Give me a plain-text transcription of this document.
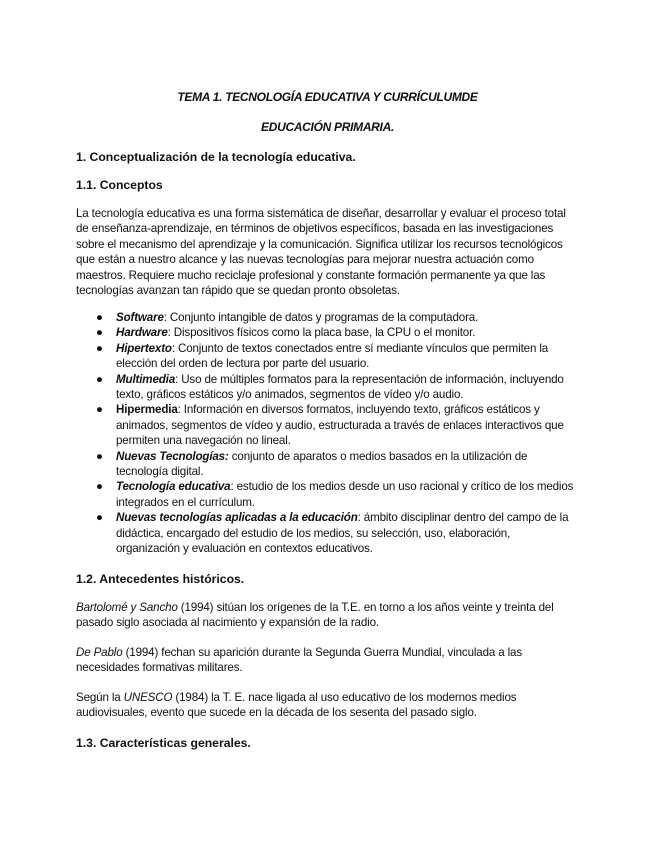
TEMA 1. TECNOLOGÍA EDUCATIVA Y CURRÍCULUMDE
EDUCACIÓN PRIMARIA.
1. Conceptualización de la tecnología educativa.
1.1. Conceptos
La tecnología educativa es una forma sistemática de diseñar, desarrollar y evaluar el proceso total de enseñanza-aprendizaje, en términos de objetivos específicos, basada en las investigaciones sobre el mecanismo del aprendizaje y la comunicación. Significa utilizar los recursos tecnológicos que están a nuestro alcance y las nuevas tecnologías para mejorar nuestra actuación como maestros. Requiere mucho reciclaje profesional y constante formación permanente ya que las tecnologías avanzan tan rápido que se quedan pronto obsoletas.
● Software: Conjunto intangible de datos y programas de la computadora.
● Hardware: Dispositivos físicos como la placa base, la CPU o el monitor.
● Hipertexto: Conjunto de textos conectados entre sí mediante vínculos que permiten la elección del orden de lectura por parte del usuario.
● Multimedia: Uso de múltiples formatos para la representación de información, incluyendo texto, gráficos estáticos y/o animados, segmentos de vídeo y/o audio.
● Hipermedia: Información en diversos formatos, incluyendo texto, gráficos estáticos y animados, segmentos de vídeo y audio, estructurada a través de enlaces interactivos que permiten una navegación no lineal.
● Nuevas Tecnologías: conjunto de aparatos o medios basados en la utilización de tecnología digital.
● Tecnología educativa: estudio de los medios desde un uso racional y crítico de los medios integrados en el currículum.
● Nuevas tecnologías aplicadas a la educación: ámbito disciplinar dentro del campo de la didáctica, encargado del estudio de los medios, su selección, uso, elaboración, organización y evaluación en contextos educativos.
1.2. Antecedentes históricos.
Bartolomé y Sancho (1994) sitúan los orígenes de la T.E. en torno a los años veinte y treinta del pasado siglo asociada al nacimiento y expansión de la radio.
De Pablo (1994) fechan su aparición durante la Segunda Guerra Mundial, vinculada a las necesidades formativas militares.
Según la UNESCO (1984) la T. E. nace ligada al uso educativo de los modernos medios audiovisuales, evento que sucede en la década de los sesenta del pasado siglo.
1.3. Características generales.
